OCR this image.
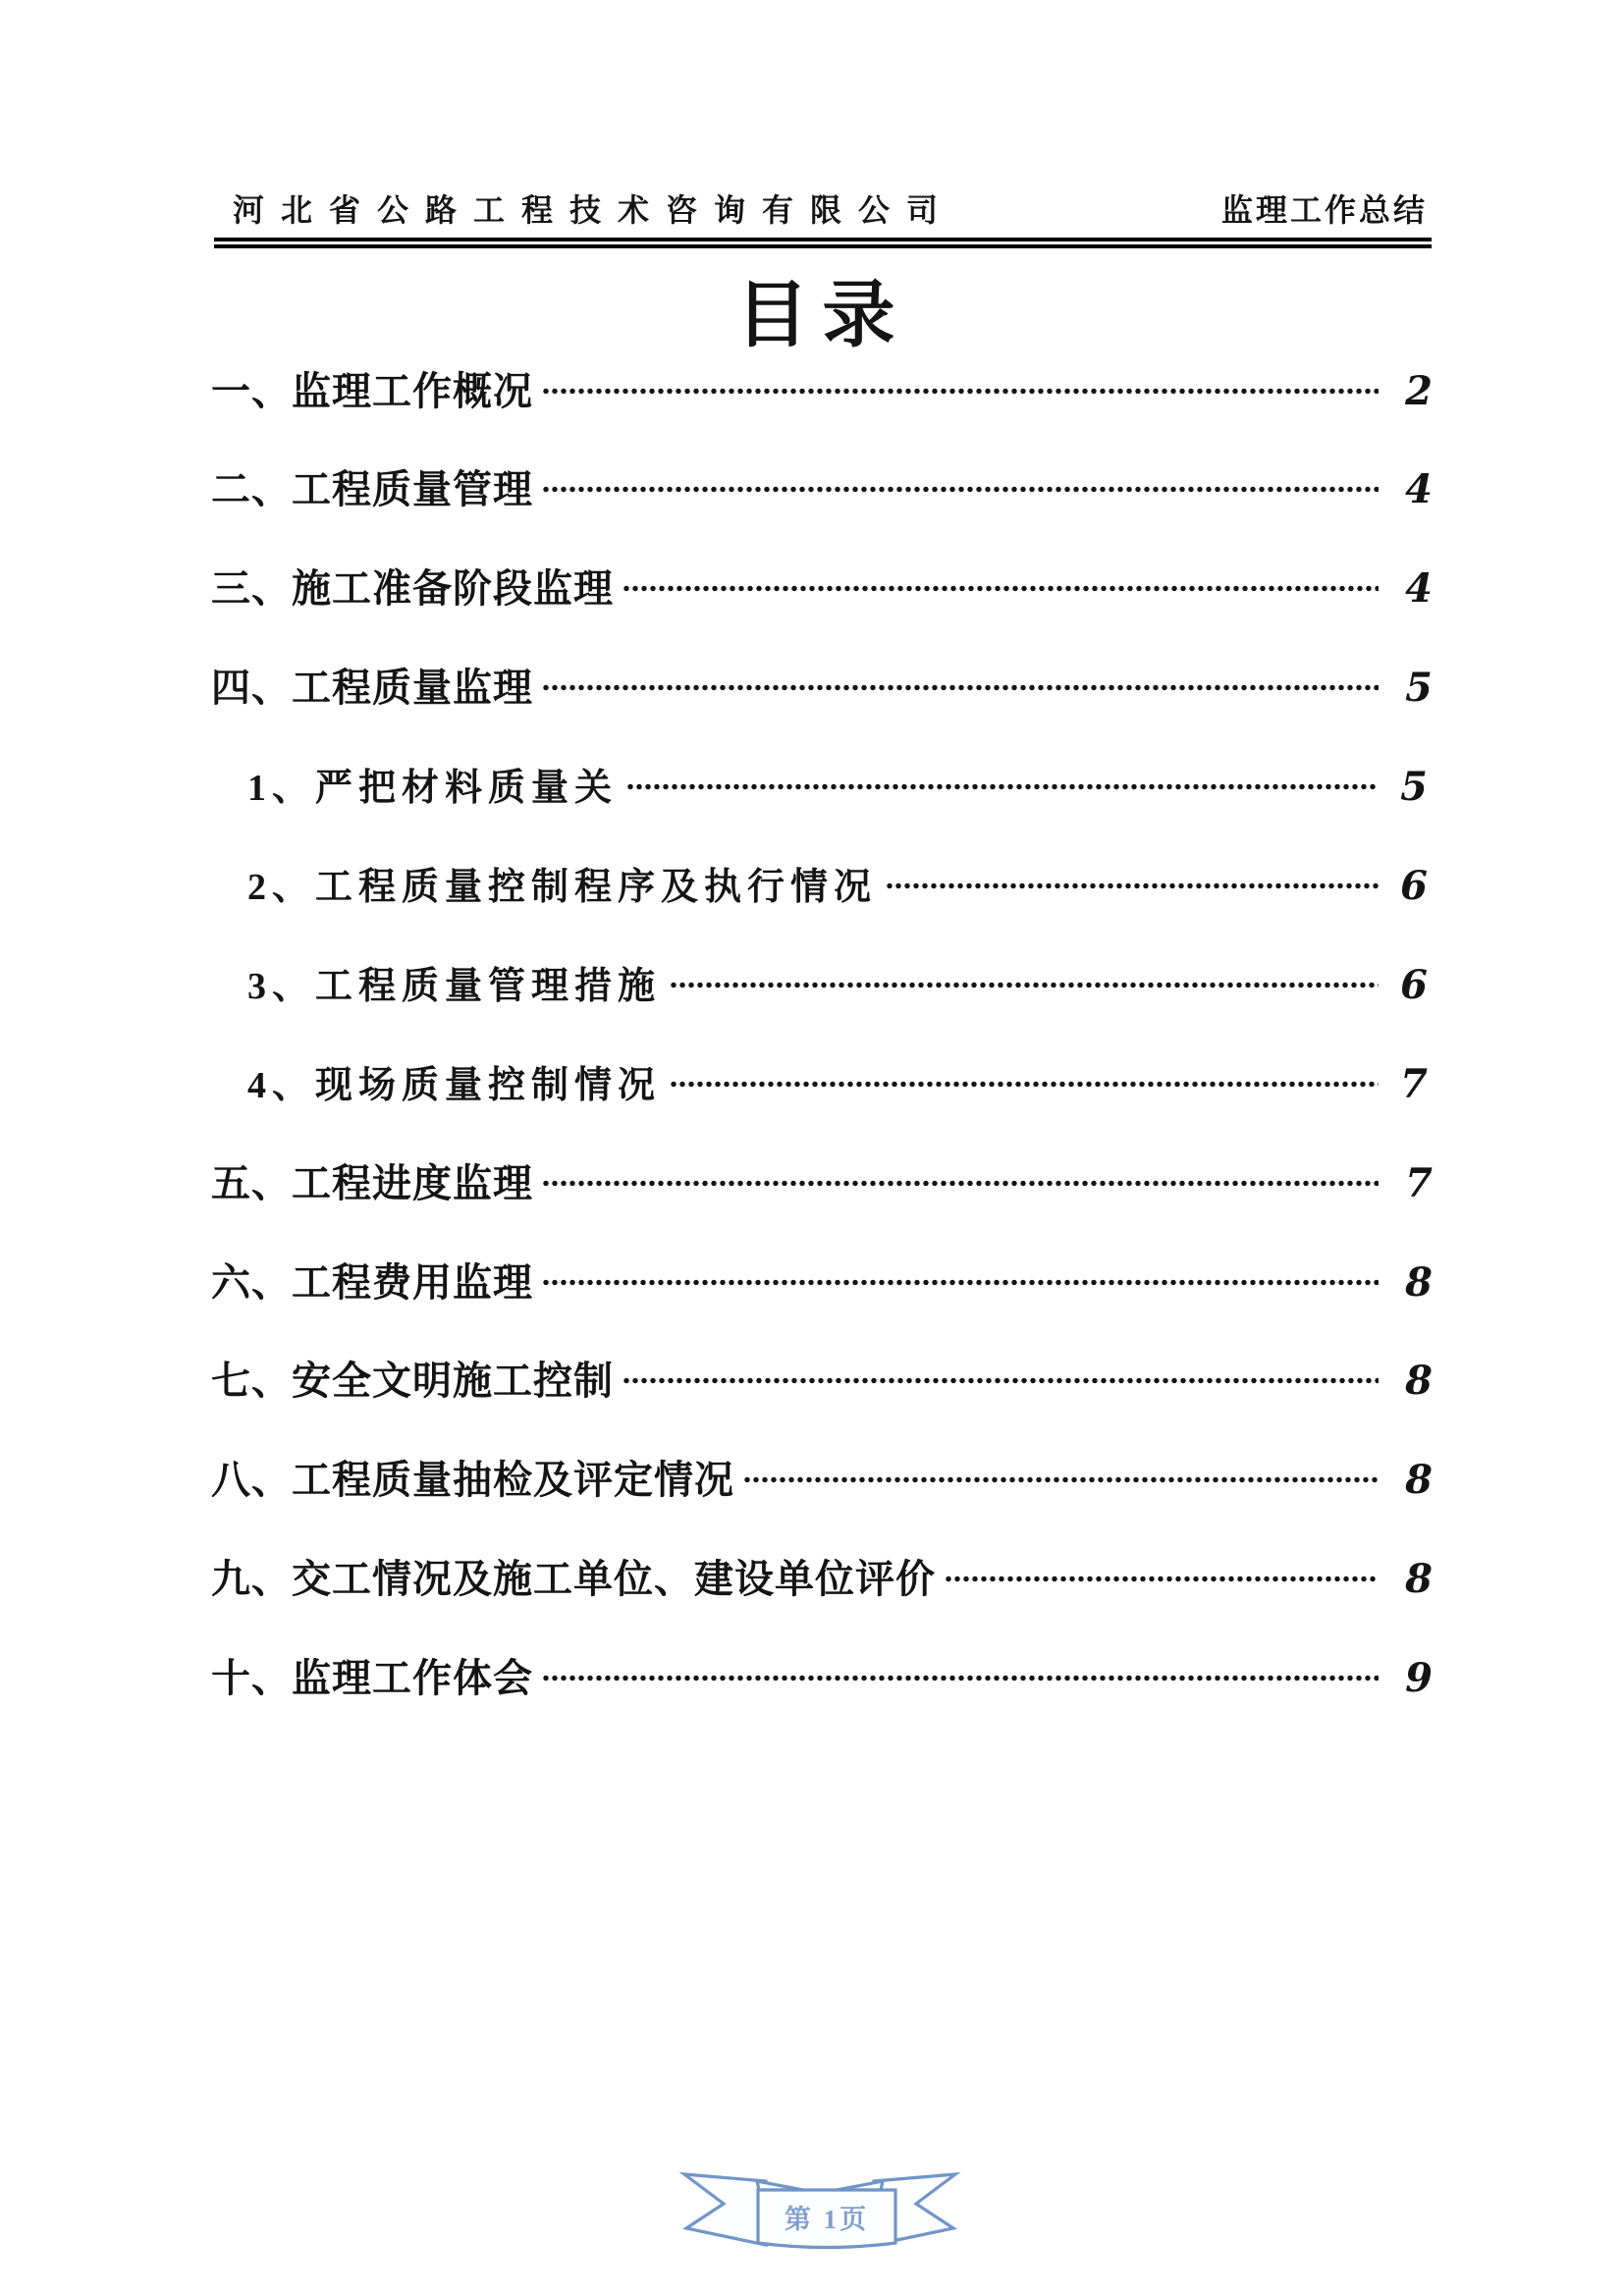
河北省公路工程技术咨询有限公司	监理工作总结
目录
一、监理工作概况	2
二、工程质量管理	4
三、施工准备阶段监理	4
四、工程质量监理	5
1、严把材料质量关	5
2、工程质量控制程序及执行情况	6
3、工程质量管理措施	6
4、现场质量控制情况	7
五、工程进度监理	7
六、工程费用监理	8
七、安全文明施工控制	8
八、工程质量抽检及评定情况	8
九、交工情况及施工单位、建设单位评价	8
十、监理工作体会	9
第 1页
